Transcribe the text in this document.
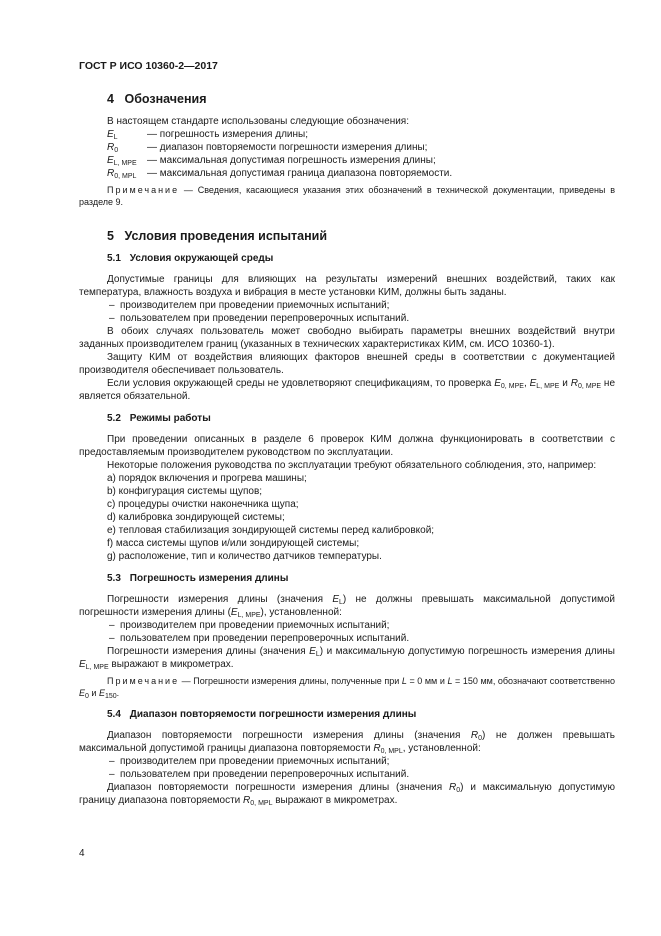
ГОСТ Р ИСО 10360-2—2017
4 Обозначения

В настоящем стандарте использованы следующие обозначения:

$E_L$	— погрешность измерения длины;

$R_0$	— диапазон повторяемости погрешности измерения длины;

$E_{L, MPE}$ — максимальная допустимая погрешность измерения длины;

$R_{0, MPL}$ — максимальная допустимая граница диапазона повторяемости.

Примечание — Сведения, касающиеся указания этих обозначений в технической документации, приведены в разделе 9.

5 Условия проведения испытаний
5.1 Условия окружающей среды

Допустимые границы для влияющих на результаты измерений внешних воздействий, таких как температура, влажность воздуха и вибрация в месте установки КИМ, должны быть заданы.

– производителем при проведении приемочных испытаний;

– пользователем при проведении перепроверочных испытаний.

В обоих случаях пользователь может свободно выбирать параметры внешних воздействий внутри заданных производителем границ (указанных в технических характеристиках КИМ, см. ИСО 10360-1).

Защиту КИМ от воздействия влияющих факторов внешней среды в соответствии с документацией производителя обеспечивает пользователь.

Если условия окружающей среды не удовлетворяют спецификациям, то проверка $E_{0, MPE}$, $E_{L, MPE}$ и $R_{0, MPE}$ не является обязательной.

5.2 Режимы работы

При проведении описанных в разделе 6 проверок КИМ должна функционировать в соответствии с предоставляемым производителем руководством по эксплуатации.

Некоторые положения руководства по эксплуатации требуют обязательного соблюдения, это, например:

a) порядок включения и прогрева машины;

b) конфигурация системы щупов;

c) процедуры очистки наконечника щупа;

d) калибровка зондирующей системы;

e) тепловая стабилизация зондирующей системы перед калибровкой;

f) масса системы щупов и/или зондирующей системы;

g) расположение, тип и количество датчиков температуры.

5.3 Погрешность измерения длины

Погрешности измерения длины (значения $E_L$) не должны превышать максимальной допустимой погрешности измерения длины $(E_{L, MPE})$, установленной:

– производителем при проведении приемочных испытаний;

– пользователем при проведении перепроверочных испытаний.

Погрешности измерения длины (значения $E_L$) и максимальную допустимую погрешность измерения длины $E_{L, MPE}$ выражают в микрометрах.

Примечание — Погрешности измерения длины, полученные при L = 0 мм и L = 150 мм, обозначают соответственно $E_0$ и $E_{150}$.

5.4 Диапазон повторяемости погрешности измерения длины

Диапазон повторяемости погрешности измерения длины (значения $R_0$) не должен превышать максимальной допустимой границы диапазона повторяемости $R_{0, MPL}$, установленной:

– производителем при проведении приемочных испытаний;

– пользователем при проведении перепроверочных испытаний.

Диапазон повторяемости погрешности измерения длины (значения $R_0$) и максимальную допустимую границу диапазона повторяемости $R_{0, MPL}$ выражают в микрометрах.

4
